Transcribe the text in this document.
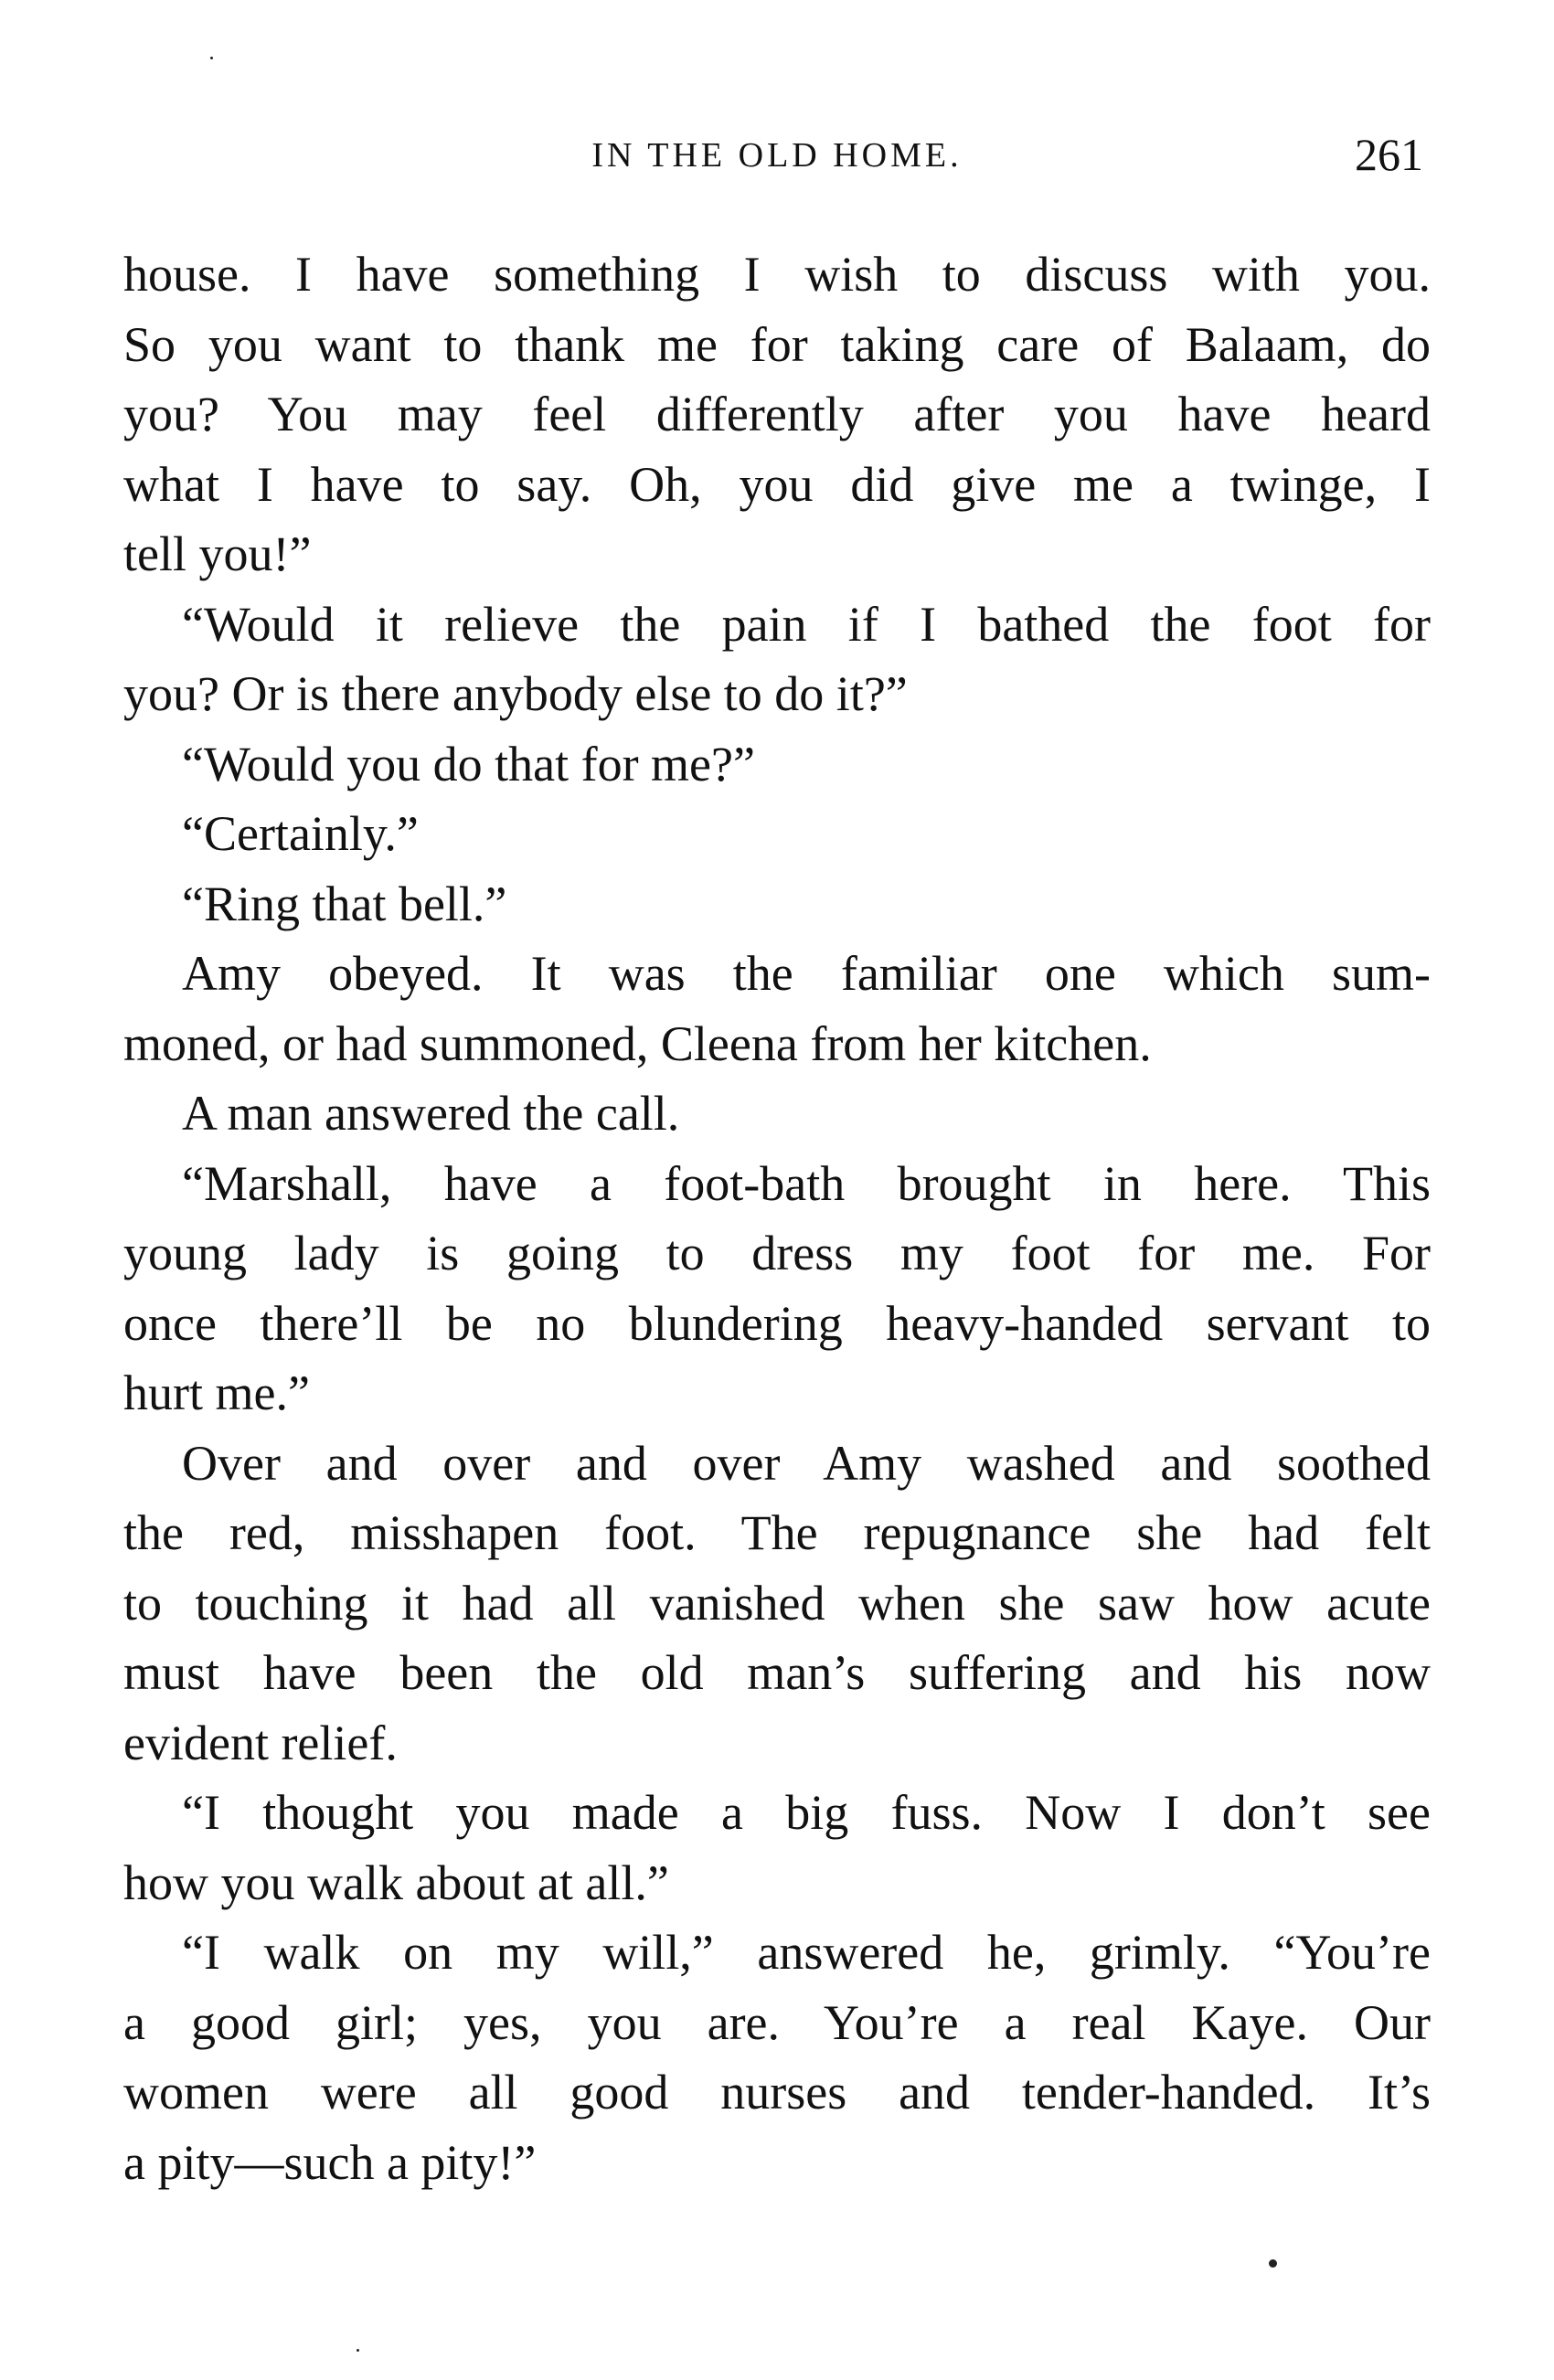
IN THE OLD HOME.	261
house. I have something I wish to discuss with you.
So you want to thank me for taking care of Balaam, do
you? You may feel differently after you have heard
what I have to say. Oh, you did give me a twinge, I
tell you!”
“Would it relieve the pain if I bathed the foot for
you? Or is there anybody else to do it?”
“Would you do that for me?”
“Certainly.”
“Ring that bell.”
Amy obeyed. It was the familiar one which sum-
moned, or had summoned, Cleena from her kitchen.
A man answered the call.
“Marshall, have a foot-bath brought in here. This
young lady is going to dress my foot for me. For
once there’ll be no blundering heavy-handed servant to
hurt me.”
Over and over and over Amy washed and soothed
the red, misshapen foot. The repugnance she had felt
to touching it had all vanished when she saw how acute
must have been the old man’s suffering and his now
evident relief.
“I thought you made a big fuss. Now I don’t see
how you walk about at all.”
“I walk on my will,” answered he, grimly. “You’re
a good girl; yes, you are. You’re a real Kaye. Our
women were all good nurses and tender-handed. It’s
a pity—such a pity!”
